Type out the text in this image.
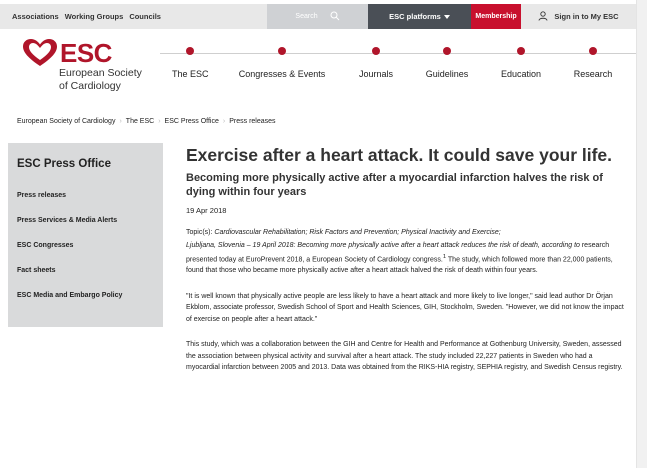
Associations Working Groups Councils	Search	ESC platforms	Membership	Sign in to My ESC
ESC
European Society
of Cardiology
The ESC	Congresses & Events	Journals	Guidelines	Education	Research
European Society of Cardiology › The ESC › ESC Press Office › Press releases
ESC Press Office
Press releases
Press Services & Media Alerts
ESC Congresses
Fact sheets
ESC Media and Embargo Policy
Exercise after a heart attack. It could save your life.
Becoming more physically active after a myocardial infarction halves the risk of dying within four years
19 Apr 2018
Topic(s): Cardiovascular Rehabilitation; Risk Factors and Prevention; Physical Inactivity and Exercise;

Ljubljana, Slovenia – 19 April 2018: Becoming more physically active after a heart attack reduces the risk of death, according to research presented today at EuroPrevent 2018, a European Society of Cardiology congress.$^1$ The study, which followed more than 22,000 patients, found that those who became more physically active after a heart attack halved the risk of death within four years.

"It is well known that physically active people are less likely to have a heart attack and more likely to live longer," said lead author Dr Örjan Ekblom, associate professor, Swedish School of Sport and Health Sciences, GIH, Stockholm, Sweden. "However, we did not know the impact of exercise on people after a heart attack."

This study, which was a collaboration between the GIH and Centre for Health and Performance at Gothenburg University, Sweden, assessed the association between physical activity and survival after a heart attack. The study included 22,227 patients in Sweden who had a myocardial infarction between 2005 and 2013. Data was obtained from the RIKS-HIA registry, SEPHIA registry, and Swedish Census registry.
